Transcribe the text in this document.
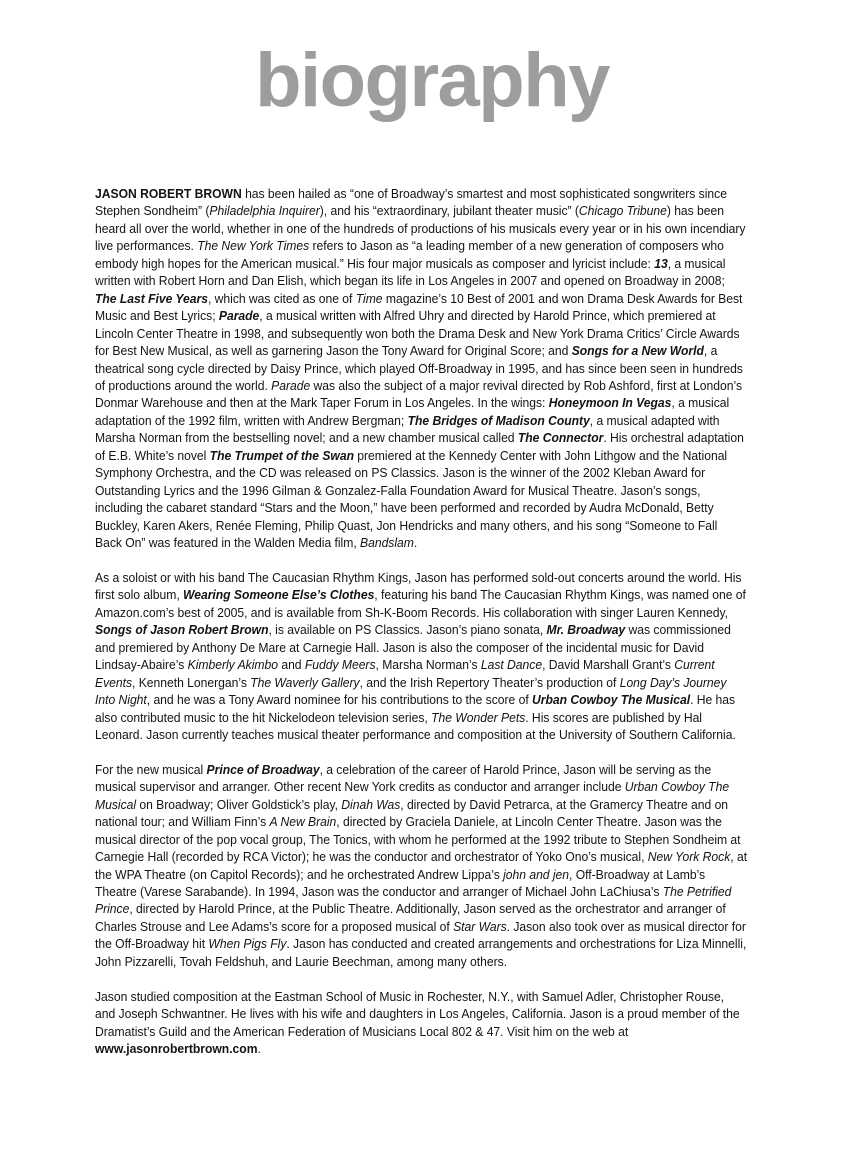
biography

JASON ROBERT BROWN has been hailed as “one of Broadway’s smartest and most sophisticated songwriters since Stephen Sondheim” (Philadelphia Inquirer), and his “extraordinary, jubilant theater music” (Chicago Tribune) has been heard all over the world, whether in one of the hundreds of productions of his musicals every year or in his own incendiary live performances. The New York Times refers to Jason as “a leading member of a new generation of composers who embody high hopes for the American musical.” His four major musicals as composer and lyricist include: 13, a musical written with Robert Horn and Dan Elish, which began its life in Los Angeles in 2007 and opened on Broadway in 2008; The Last Five Years, which was cited as one of Time magazine’s 10 Best of 2001 and won Drama Desk Awards for Best Music and Best Lyrics; Parade, a musical written with Alfred Uhry and directed by Harold Prince, which premiered at Lincoln Center Theatre in 1998, and subsequently won both the Drama Desk and New York Drama Critics’ Circle Awards for Best New Musical, as well as garnering Jason the Tony Award for Original Score; and Songs for a New World, a theatrical song cycle directed by Daisy Prince, which played Off-Broadway in 1995, and has since been seen in hundreds of productions around the world. Parade was also the subject of a major revival directed by Rob Ashford, first at London’s Donmar Warehouse and then at the Mark Taper Forum in Los Angeles. In the wings: Honeymoon In Vegas, a musical adaptation of the 1992 film, written with Andrew Bergman; The Bridges of Madison County, a musical adapted with Marsha Norman from the bestselling novel; and a new chamber musical called The Connector. His orchestral adaptation of E.B. White’s novel The Trumpet of the Swan premiered at the Kennedy Center with John Lithgow and the National Symphony Orchestra, and the CD was released on PS Classics. Jason is the winner of the 2002 Kleban Award for Outstanding Lyrics and the 1996 Gilman & Gonzalez-Falla Foundation Award for Musical Theatre. Jason’s songs, including the cabaret standard “Stars and the Moon,” have been performed and recorded by Audra McDonald, Betty Buckley, Karen Akers, Renée Fleming, Philip Quast, Jon Hendricks and many others, and his song “Someone to Fall Back On” was featured in the Walden Media film, Bandslam.

As a soloist or with his band The Caucasian Rhythm Kings, Jason has performed sold-out concerts around the world. His first solo album, Wearing Someone Else’s Clothes, featuring his band The Caucasian Rhythm Kings, was named one of Amazon.com’s best of 2005, and is available from Sh-K-Boom Records. His collaboration with singer Lauren Kennedy, Songs of Jason Robert Brown, is available on PS Classics. Jason’s piano sonata, Mr. Broadway was commissioned and premiered by Anthony De Mare at Carnegie Hall. Jason is also the composer of the incidental music for David Lindsay-Abaire’s Kimberly Akimbo and Fuddy Meers, Marsha Norman’s Last Dance, David Marshall Grant’s Current Events, Kenneth Lonergan’s The Waverly Gallery, and the Irish Repertory Theater’s production of Long Day’s Journey Into Night, and he was a Tony Award nominee for his contributions to the score of Urban Cowboy The Musical. He has also contributed music to the hit Nickelodeon television series, The Wonder Pets. His scores are published by Hal Leonard. Jason currently teaches musical theater performance and composition at the University of Southern California.

For the new musical Prince of Broadway, a celebration of the career of Harold Prince, Jason will be serving as the musical supervisor and arranger. Other recent New York credits as conductor and arranger include Urban Cowboy The Musical on Broadway; Oliver Goldstick’s play, Dinah Was, directed by David Petrarca, at the Gramercy Theatre and on national tour; and William Finn’s A New Brain, directed by Graciela Daniele, at Lincoln Center Theatre. Jason was the musical director of the pop vocal group, The Tonics, with whom he performed at the 1992 tribute to Stephen Sondheim at Carnegie Hall (recorded by RCA Victor); he was the conductor and orchestrator of Yoko Ono’s musical, New York Rock, at the WPA Theatre (on Capitol Records); and he orchestrated Andrew Lippa’s john and jen, Off-Broadway at Lamb’s Theatre (Varese Sarabande). In 1994, Jason was the conductor and arranger of Michael John LaChiusa’s The Petrified Prince, directed by Harold Prince, at the Public Theatre. Additionally, Jason served as the orchestrator and arranger of Charles Strouse and Lee Adams’s score for a proposed musical of Star Wars. Jason also took over as musical director for the Off-Broadway hit When Pigs Fly. Jason has conducted and created arrangements and orchestrations for Liza Minnelli, John Pizzarelli, Tovah Feldshuh, and Laurie Beechman, among many others.

Jason studied composition at the Eastman School of Music in Rochester, N.Y., with Samuel Adler, Christopher Rouse, and Joseph Schwantner. He lives with his wife and daughters in Los Angeles, California. Jason is a proud member of the Dramatist’s Guild and the American Federation of Musicians Local 802 & 47. Visit him on the web at www.jasonrobertbrown.com.
